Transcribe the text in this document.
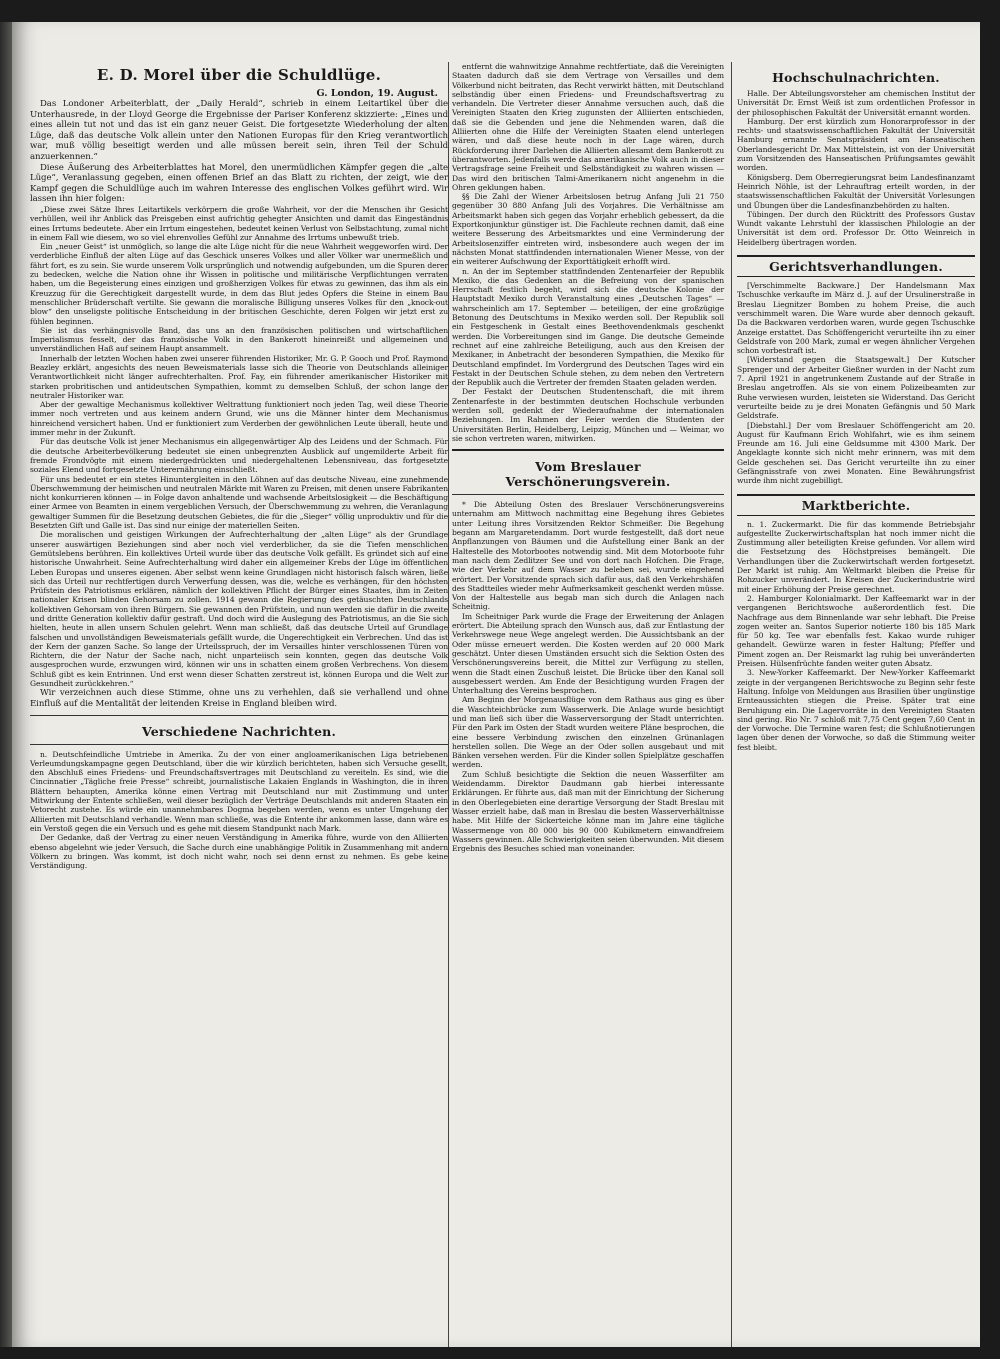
E. D. Morel über die Schuldlüge.
G. London, 19. August.

Das Londoner Arbeiterblatt, der „Daily Herald“, schrieb in einem Leitartikel über die Unterhausrede, in der Lloyd George die Ergebnisse der Pariser Konferenz skizzierte: „Eines und eines allein tut not und das ist ein ganz neuer Geist. Die fortgesetzte Wiederholung der alten Lüge, daß das deutsche Volk allein unter den Nationen Europas für den Krieg verantwortlich war, muß völlig beseitigt werden und alle müssen bereit sein, ihren Teil der Schuld anzuerkennen.“

Diese Äußerung des Arbeiterblattes hat Morel, den unermüdlichen Kämpfer gegen die „alte Lüge“, Veranlassung gegeben, einen offenen Brief an das Blatt zu richten, der zeigt, wie der Kampf gegen die Schuldlüge auch im wahren Interesse des englischen Volkes geführt wird. Wir lassen ihn hier folgen:

„Diese zwei Sätze Ihres Leitartikels verkörpern die große Wahrheit, vor der die Menschen ihr Gesicht verhüllen, weil ihr Anblick das Preisgeben einst aufrichtig gehegter Ansichten und damit das Eingeständnis eines Irrtums bedeutete. Aber ein Irrtum eingestehen, bedeutet keinen Verlust von Selbstachtung, zumal nicht in einem Fall wie diesem, wo so viel ehrenvolles Gefühl zur Annahme des Irrtums unbewußt trieb.

Ein „neuer Geist“ ist unmöglich, so lange die alte Lüge nicht für die neue Wahrheit weggeworfen wird. Der verderbliche Einfluß der alten Lüge auf das Geschick unseres Volkes und aller Völker war unermeßlich und fährt fort, es zu sein. Sie wurde unserem Volk ursprünglich und notwendig aufgebunden, um die Spuren derer zu bedecken, welche die Nation ohne ihr Wissen in politische und militärische Verpflichtungen verraten haben, um die Begeisterung eines einzigen und großherzigen Volkes für etwas zu gewinnen, das ihm als ein Kreuzzug für die Gerechtigkeit dargestellt wurde, in dem das Blut jedes Opfers die Steine in einem Bau menschlicher Brüderschaft vertilte. Sie gewann die moralische Billigung unseres Volkes für den „knock-out blow“ den unseligste politische Entscheidung in der britischen Geschichte, deren Folgen wir jetzt erst zu fühlen beginnen.

Sie ist das verhängnisvolle Band, das uns an den französischen politischen und wirtschaftlichen Imperialismus fesselt, der das französische Volk in den Bankerott hineinreißt und allgemeinen und unverständlichen Haß auf seinem Haupt ansammelt.

Innerhalb der letzten Wochen haben zwei unserer führenden Historiker, Mr. G. P. Gooch und Prof. Raymond Beazley erklärt, angesichts des neuen Beweismaterials lasse sich die Theorie von Deutschlands alleiniger Verantwortlichkeit nicht länger aufrechterhalten. Prof. Fay, ein führender amerikanischer Historiker mit starken probritischen und antideutschen Sympathien, kommt zu demselben Schluß, der schon lange der neutraler Historiker war.

Aber der gewaltige Mechanismus kollektiver Weltrattung funktioniert noch jeden Tag, weil diese Theorie immer noch vertreten und aus keinem andern Grund, wie uns die Männer hinter dem Mechanismus hinreichend versichert haben. Und er funktioniert zum Verderben der gewöhnlichen Leute überall, heute und immer mehr in der Zukunft.

Für das deutsche Volk ist jener Mechanismus ein allgegenwärtiger Alp des Leidens und der Schmach. Für die deutsche Arbeiterbevölkerung bedeutet sie einen unbegrenzten Ausblick auf ungemilderte Arbeit für fremde Frondvögte mit einem niedergedrückten und niedergehaltenen Lebensniveau, das fortgesetzte soziales Elend und fortgesetzte Unterernährung einschließt.

Für uns bedeutet er ein stetes Hinuntergleiten in den Löhnen auf das deutsche Niveau, eine zunehmende Überschwemmung der heimischen und neutralen Märkte mit Waren zu Preisen, mit denen unsere Fabrikanten nicht konkurrieren können — in Folge davon anhaltende und wachsende Arbeitslosigkeit — die Beschäftigung einer Armee von Beamten in einem vergeblichen Versuch, der Überschwemmung zu wehren, die Veranlagung gewaltiger Summen für die Besetzung deutschen Gebietes, die für die „Sieger“ völlig unproduktiv und für die Besetzten Gift und Galle ist. Das sind nur einige der materiellen Seiten.

Die moralischen und geistigen Wirkungen der Aufrechterhaltung der „alten Lüge“ als der Grundlage unserer auswärtigen Beziehungen sind aber noch viel verderblicher, da sie die Tiefen menschlichen Gemütslebens berühren. Ein kollektives Urteil wurde über das deutsche Volk gefällt. Es gründet sich auf eine historische Unwahrheit. Seine Aufrechterhaltung wird daher ein allgemeiner Krebs der Lüge im öffentlichen Leben Europas und unseres eigenen. Aber selbst wenn keine Grundlagen nicht historisch falsch wären, ließe sich das Urteil nur rechtfertigen durch Verwerfung dessen, was die, welche es verhängen, für den höchsten Prüfstein des Patriotismus erklären, nämlich der kollektiven Pflicht der Bürger eines Staates, ihm in Zeiten nationaler Krisen blinden Gehorsam zu zollen. 1914 gewann die Regierung des getäuschten Deutschlands kollektiven Gehorsam von ihren Bürgern. Sie gewannen den Prüfstein, und nun werden sie dafür in die zweite und dritte Generation kollektiv dafür gestraft. Und doch wird die Auslegung des Patriotismus, an die Sie sich hielten, heute in allen unsern Schulen gelehrt. Wenn man schließt, daß das deutsche Urteil auf Grundlage falschen und unvollständigen Beweismaterials gefällt wurde, die Ungerechtigkeit ein Verbrechen. Und das ist der Kern der ganzen Sache. So lange der Urteilsspruch, der im Versailles hinter verschlossenen Türen von Richtern, die der Natur der Sache nach, nicht unparteiisch sein konnten, gegen das deutsche Volk ausgesprochen wurde, erzwungen wird, können wir uns in schatten einem großen Verbrechens. Von diesem Schluß gibt es kein Entrinnen. Und erst wenn dieser Schatten zerstreut ist, können Europa und die Welt zur Gesundheit zurückkehren.“

Wir verzeichnen auch diese Stimme, ohne uns zu verhehlen, daß sie verhallend und ohne Einfluß auf die Mentalität der leitenden Kreise in England bleiben wird.

Verschiedene Nachrichten.

n. Deutschfeindliche Umtriebe in Amerika. Zu der von einer angloamerikanischen Liga betriebenen Verleumdungskampagne gegen Deutschland, über die wir kürzlich berichteten, haben sich Versuche gesellt, den Abschluß eines Friedens- und Freundschaftsvertrages mit Deutschland zu vereiteln. Es sind, wie die Cincinnatier „Tägliche freie Presse“ schreibt, journalistische Lakaien Englands in Washington, die in ihren Blättern behaupten, Amerika könne einen Vertrag mit Deutschland nur mit Zustimmung und unter Mitwirkung der Entente schließen, weil dieser bezüglich der Verträge Deutschlands mit anderen Staaten ein Vetorecht zustehe. Es würde ein unannehmbares Dogma begeben werden, wenn es unter Umgehung der Alliierten mit Deutschland verhandle. Wenn man schließe, was die Entente ihr ankommen lasse, dann wäre es ein Verstoß gegen die ein Versuch und es gehe mit diesem Standpunkt nach Mark.

Der Gedanke, daß der Vertrag zu einer neuen Verständigung in Amerika führe, wurde von den Alliierten ebenso abgelehnt wie jeder Versuch, die Sache durch eine unabhängige Politik in Zusammenhang mit andern Völkern zu bringen. Was kommt, ist doch nicht wahr, noch sei denn ernst zu nehmen. Es gebe keine Verständigung.

entfernt die wahnwitzige Annahme rechtfertiate, daß die Vereinigten Staaten dadurch daß sie dem Vertrage von Versailles und dem Völkerbund nicht beitraten, das Recht verwirkt hätten, mit Deutschland selbständig über einen Friedens- und Freundschaftsvertrag zu verhandeln. Die Vertreter dieser Annahme versuchen auch, daß die Vereinigten Staaten den Krieg zugunsten der Alliierten entschieden, daß sie die Gebenden und jene die Nehmenden waren, daß die Alliierten ohne die Hilfe der Vereinigten Staaten elend unterlegen wären, und daß diese heute noch in der Lage wären, durch Rückforderung ihrer Darlehen die Alliierten allesamt dem Bankerott zu überantworten. Jedenfalls werde das amerikanische Volk auch in dieser Vertragsfrage seine Freiheit und Selbständigkeit zu wahren wissen — Das wird den britischen Talmi-Amerikanern nicht angenehm in die Ohren geklungen haben.

§§ Die Zahl der Wiener Arbeitslosen betrug Anfang Juli 21 750 gegenüber 30 880 Anfang Juli des Vorjahres. Die Verhältnisse am Arbeitsmarkt haben sich gegen das Vorjahr erheblich gebessert, da die Exportkonjunktur günstiger ist. Die Fachleute rechnen damit, daß eine weitere Besserung des Arbeitsmarktes und eine Verminderung der Arbeitslosenziffer eintreten wird, insbesondere auch wegen der im nächsten Monat stattfindenden internationalen Wiener Messe, von der ein weiterer Aufschwung der Exporttätigkeit erhofft wird.

n. An der im September stattfindenden Zentenarfeier der Republik Mexiko, die das Gedenken an die Befreiung von der spanischen Herrschaft festlich begeht, wird sich die deutsche Kolonie der Hauptstadt Mexiko durch Veranstaltung eines „Deutschen Tages“ — wahrscheinlich am 17. September — beteiligen, der eine großzügige Betonung des Deutschtums in Mexiko werden soll. Der Republik soll ein Festgeschenk in Gestalt eines Beethovendenkmals geschenkt werden. Die Vorbereitungen sind im Gange. Die deutsche Gemeinde rechnet auf eine zahlreiche Beteiligung, auch aus den Kreisen der Mexikaner, in Anbetracht der besonderen Sympathien, die Mexiko für Deutschland empfindet. Im Vordergrund des Deutschen Tages wird ein Festakt in der Deutschen Schule stehen, zu dem neben den Vertretern der Republik auch die Vertreter der fremden Staaten geladen werden.

Der Festakt der Deutschen Studentenschaft, die mit ihrem Zentenarfeste in der bestimmten deutschen Hochschule verbunden werden soll, gedenkt der Wiederaufnahme der internationalen Beziehungen. Im Rahmen der Feier werden die Studenten der Universitäten Berlin, Heidelberg, Leipzig, München und — Weimar, wo sie schon vertreten waren, mitwirken.

Vom Breslauer Verschönerungsverein.

* Die Abteilung Osten des Breslauer Verschönerungsvereins unternahm am Mittwoch nachmittag eine Begehung ihres Gebietes unter Leitung ihres Vorsitzenden Rektor Schmeißer. Die Begehung begann am Margaretendamm. Dort wurde festgestellt, daß dort neue Anpflanzungen von Bäumen und die Aufstellung einer Bank an der Haltestelle des Motorbootes notwendig sind. Mit dem Motorboote fuhr man nach dem Zedlitzer See und von dort nach Hofchen. Die Frage, wie der Verkehr auf dem Wasser zu beleben sei, wurde eingehend erörtert. Der Vorsitzende sprach sich dafür aus, daß den Verkehrshäfen des Stadtteiles wieder mehr Aufmerksamkeit geschenkt werden müsse. Von der Haltestelle aus begab man sich durch die Anlagen nach Scheitnig.

Im Scheitniger Park wurde die Frage der Erweiterung der Anlagen erörtert. Die Abteilung sprach den Wunsch aus, daß zur Entlastung der Verkehrswege neue Wege angelegt werden. Die Aussichtsbank an der Oder müsse erneuert werden. Die Kosten werden auf 20 000 Mark geschätzt. Unter diesen Umständen ersucht sich die Sektion Osten des Verschönerungsvereins bereit, die Mittel zur Verfügung zu stellen, wenn die Stadt einen Zuschuß leistet. Die Brücke über den Kanal soll ausgebessert werden. Am Ende der Besichtigung wurden Fragen der Unterhaltung des Vereins besprochen.

Am Beginn der Morgenausflüge von dem Rathaus aus ging es über die Waschteichbrücke zum Wasserwerk. Die Anlage wurde besichtigt und man ließ sich über die Wasserversorgung der Stadt unterrichten. Für den Park im Osten der Stadt wurden weitere Pläne besprochen, die eine bessere Verbindung zwischen den einzelnen Grünanlagen herstellen sollen. Die Wege an der Oder sollen ausgebaut und mit Bänken versehen werden. Für die Kinder sollen Spielplätze geschaffen werden.

Zum Schluß besichtigte die Sektion die neuen Wasserfilter am Weidendamm. Direktor Daudmann gab hierbei interessante Erklärungen. Er führte aus, daß man mit der Einrichtung der Sicherung in den Oberlegebieten eine derartige Versorgung der Stadt Breslau mit Wasser erzielt habe, daß man in Breslau die besten Wasserverhältnisse habe. Mit Hilfe der Sickerteiche könne man im Jahre eine tägliche Wassermenge von 80 000 bis 90 000 Kubikmetern einwandfreiem Wassers gewinnen. Alle Schwierigkeiten seien überwunden. Mit diesem Ergebnis des Besuches schied man voneinander.

Hochschulnachrichten.

Halle. Der Abteilungsvorsteher am chemischen Institut der Universität Dr. Ernst Weiß ist zum ordentlichen Professor in der philosophischen Fakultät der Universität ernannt worden.

Hamburg. Der erst kürzlich zum Honorarprofessor in der rechts- und staatswissenschaftlichen Fakultät der Universität Hamburg ernannte Senatspräsident am Hanseatischen Oberlandesgericht Dr. Max Mittelstein, ist von der Universität zum Vorsitzenden des Hanseatischen Prüfungsamtes gewählt worden.

Königsberg. Dem Oberregierungsrat beim Landesfinanzamt Heinrich Nöhle, ist der Lehrauftrag erteilt worden, in der staatswissenschaftlichen Fakultät der Universität Vorlesungen und Übungen über die Landesfinanzbehörden zu halten.

Tübingen. Der durch den Rücktritt des Professors Gustav Wundt vakante Lehrstuhl der klassischen Philologie an der Universität ist dem ord. Professor Dr. Otto Weinreich in Heidelberg übertragen worden.

Gerichtsverhandlungen.

[Verschimmelte Backware.] Der Handelsmann Max Tschuschke verkaufte im März d. J. auf der Ursulinerstraße in Breslau Liegnitzer Bomben zu hohem Preise, die auch verschimmelt waren. Die Ware wurde aber dennoch gekauft. Da die Backwaren verdorben waren, wurde gegen Tschuschke Anzeige erstattet. Das Schöffengericht verurteilte ihn zu einer Geldstrafe von 200 Mark, zumal er wegen ähnlicher Vergehen schon vorbestraft ist.

[Widerstand gegen die Staatsgewalt.] Der Kutscher Sprenger und der Arbeiter Gießner wurden in der Nacht zum 7. April 1921 in angetrunkenem Zustande auf der Straße in Breslau angetroffen. Als sie von einem Polizeibeamten zur Ruhe verwiesen wurden, leisteten sie Widerstand. Das Gericht verurteilte beide zu je drei Monaten Gefängnis und 50 Mark Geldstrafe.

[Diebstahl.] Der vom Breslauer Schöffengericht am 20. August für Kaufmann Erich Wohlfahrt, wie es ihm seinem Freunde am 16. Juli eine Geldsumme mit 4300 Mark. Der Angeklagte konnte sich nicht mehr erinnern, was mit dem Gelde geschehen sei. Das Gericht verurteilte ihn zu einer Gefängnisstrafe von zwei Monaten. Eine Bewährungsfrist wurde ihm nicht zugebilligt.

Marktberichte.

n. 1. Zuckermarkt. Die für das kommende Betriebsjahr aufgestellte Zuckerwirtschaftsplan hat noch immer nicht die Zustimmung aller beteiligten Kreise gefunden. Vor allem wird die Festsetzung des Höchstpreises bemängelt. Die Verhandlungen über die Zuckerwirtschaft werden fortgesetzt. Der Markt ist ruhig. Am Weltmarkt bleiben die Preise für Rohzucker unverändert. In Kreisen der Zuckerindustrie wird mit einer Erhöhung der Preise gerechnet.

2. Hamburger Kolonialmarkt. Der Kaffeemarkt war in der vergangenen Berichtswoche außerordentlich fest. Die Nachfrage aus dem Binnenlande war sehr lebhaft. Die Preise zogen weiter an. Santos Superior notierte 180 bis 185 Mark für 50 kg. Tee war ebenfalls fest. Kakao wurde ruhiger gehandelt. Gewürze waren in fester Haltung; Pfeffer und Piment zogen an. Der Reismarkt lag ruhig bei unveränderten Preisen. Hülsenfrüchte fanden weiter guten Absatz.

3. New-Yorker Kaffeemarkt. Der New-Yorker Kaffeemarkt zeigte in der vergangenen Berichtswoche zu Beginn sehr feste Haltung. Infolge von Meldungen aus Brasilien über ungünstige Ernteaussichten stiegen die Preise. Später trat eine Beruhigung ein. Die Lagervorräte in den Vereinigten Staaten sind gering. Rio Nr. 7 schloß mit 7,75 Cent gegen 7,60 Cent in der Vorwoche. Die Termine waren fest; die Schlußnotierungen lagen über denen der Vorwoche, so daß die Stimmung weiter fest bleibt.
